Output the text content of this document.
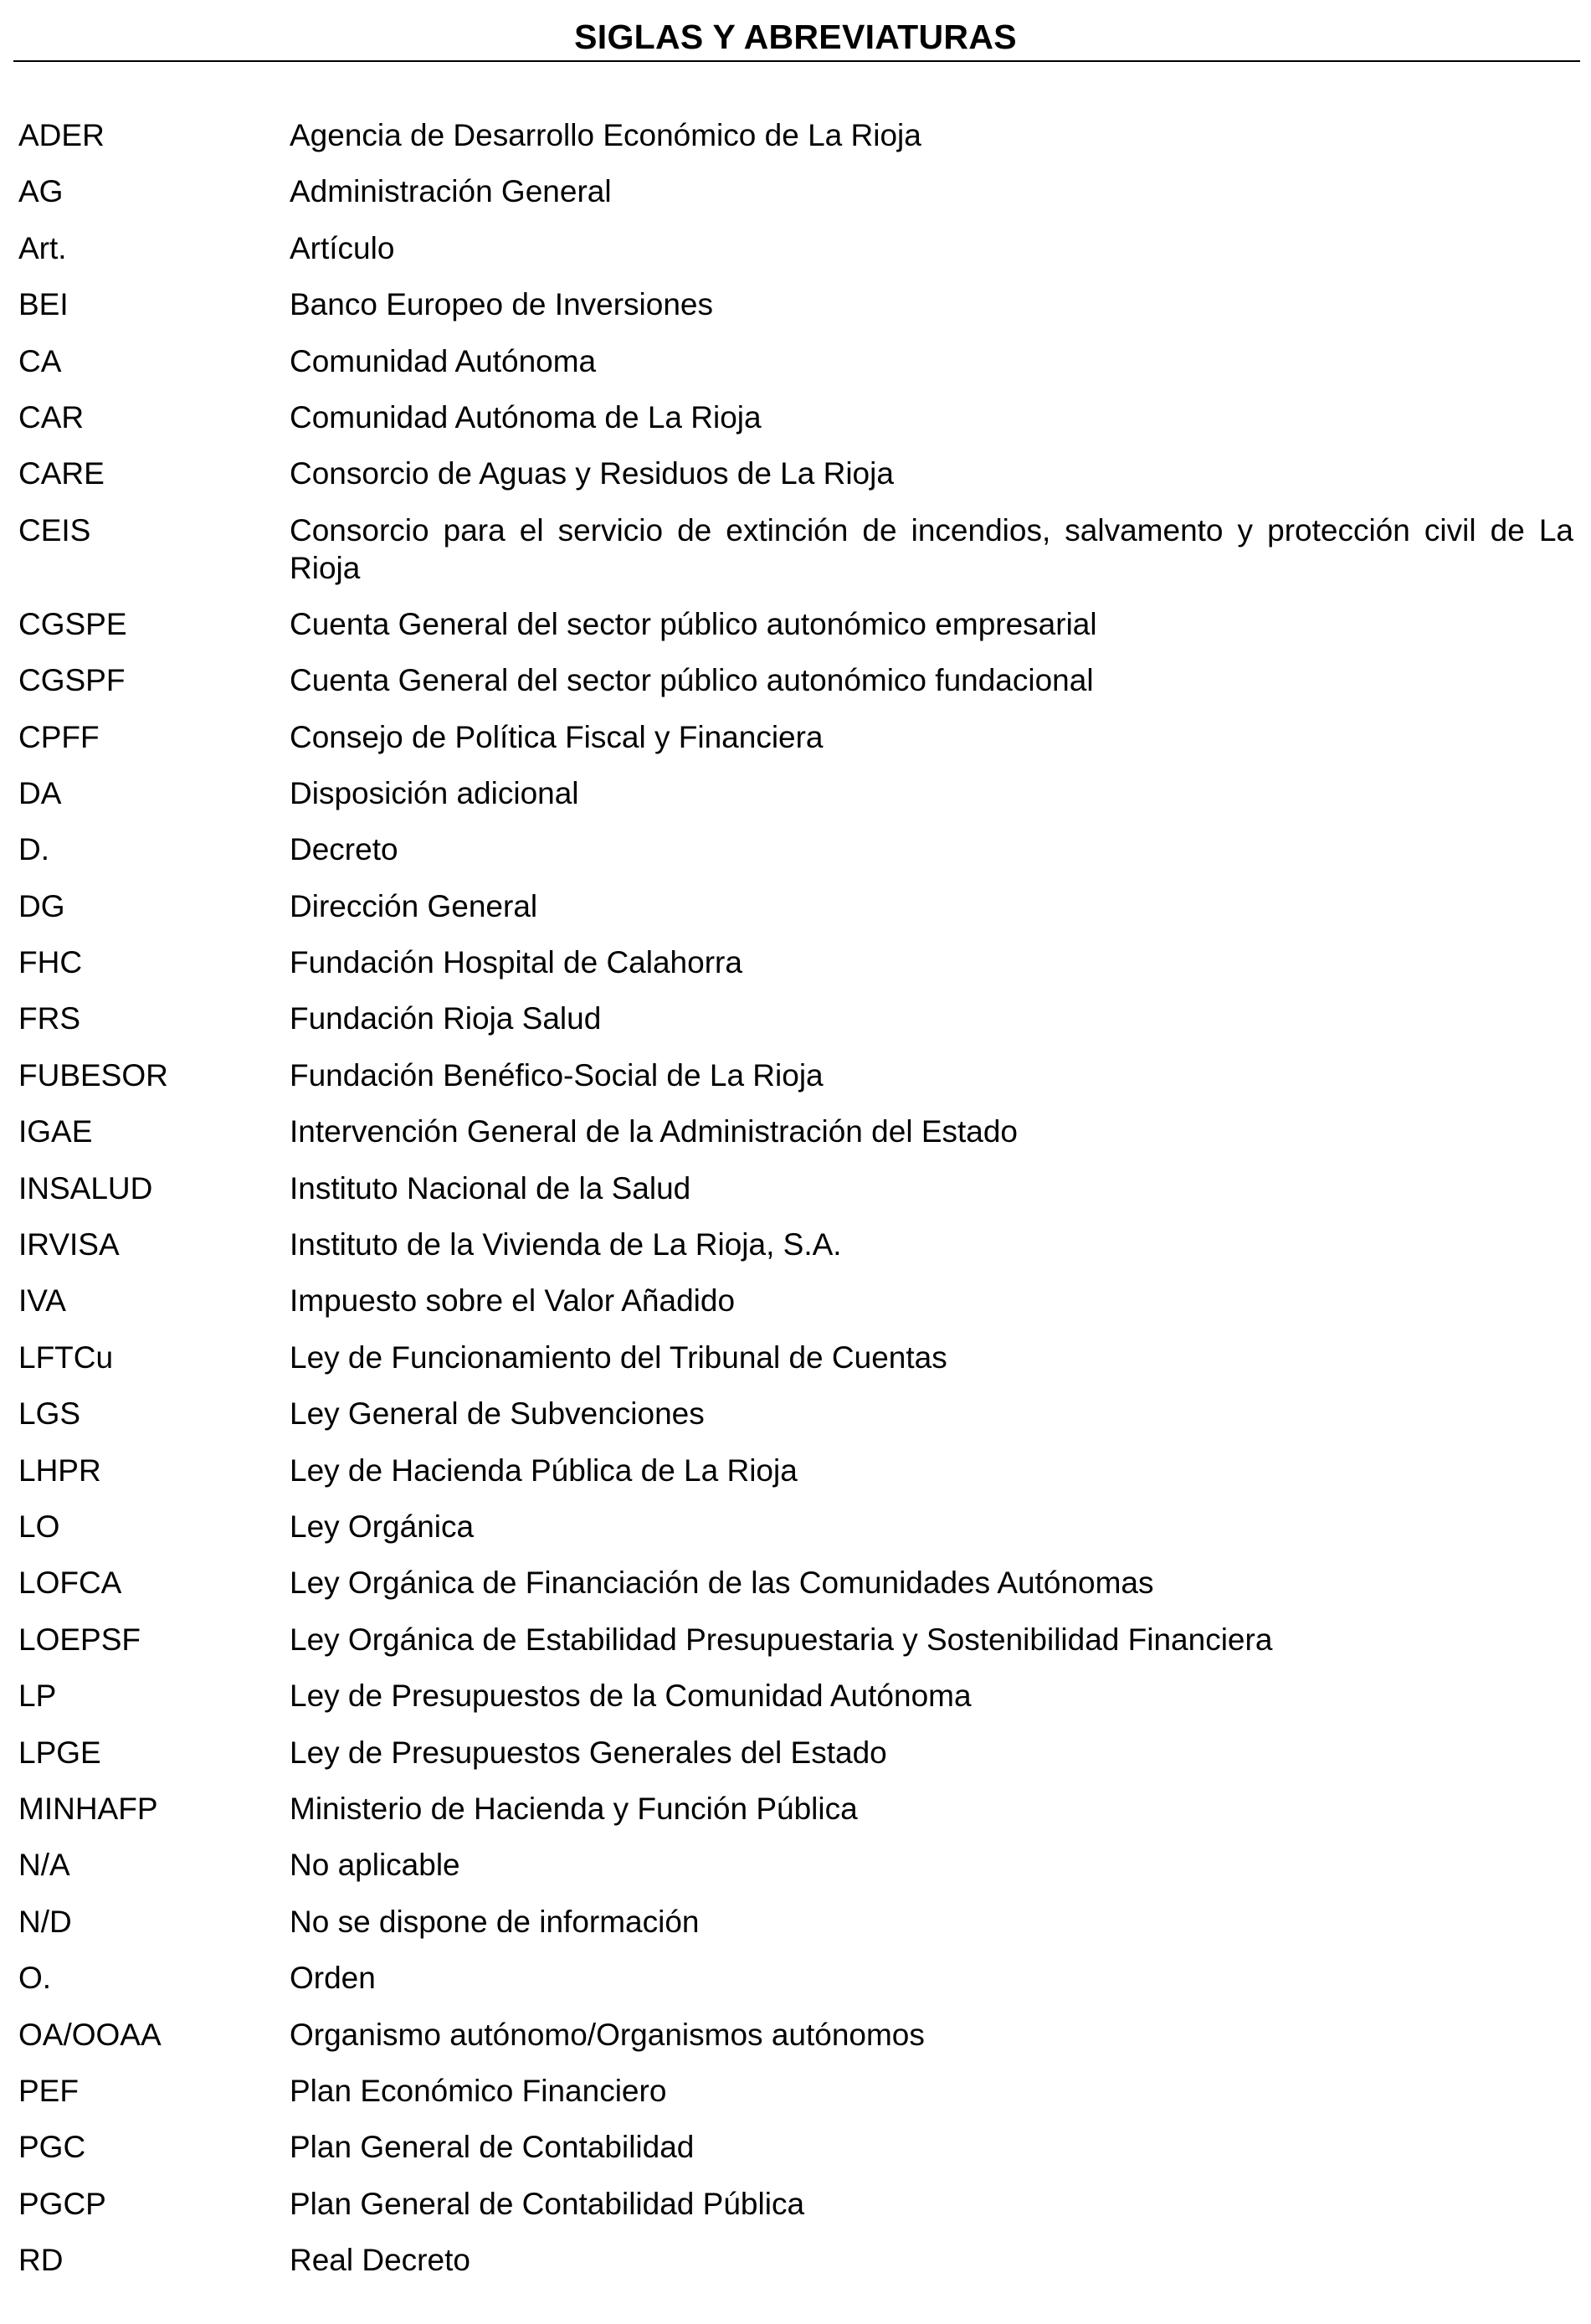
SIGLAS Y ABREVIATURAS
ADER	Agencia de Desarrollo Económico de La Rioja
AG	Administración General
Art.	Artículo
BEI	Banco Europeo de Inversiones
CA	Comunidad Autónoma
CAR	Comunidad Autónoma de La Rioja
CARE	Consorcio de Aguas y Residuos de La Rioja
CEIS	Consorcio para el servicio de extinción de incendios, salvamento y protección civil de La Rioja
CGSPE	Cuenta General del sector público autonómico empresarial
CGSPF	Cuenta General del sector público autonómico fundacional
CPFF	Consejo de Política Fiscal y Financiera
DA	Disposición adicional
D.	Decreto
DG	Dirección General
FHC	Fundación Hospital de Calahorra
FRS	Fundación Rioja Salud
FUBESOR	Fundación Benéfico-Social de La Rioja
IGAE	Intervención General de la Administración del Estado
INSALUD	Instituto Nacional de la Salud
IRVISA	Instituto de la Vivienda de La Rioja, S.A.
IVA	Impuesto sobre el Valor Añadido
LFTCu	Ley de Funcionamiento del Tribunal de Cuentas
LGS	Ley General de Subvenciones
LHPR	Ley de Hacienda Pública de La Rioja
LO	Ley Orgánica
LOFCA	Ley Orgánica de Financiación de las Comunidades Autónomas
LOEPSF	Ley Orgánica de Estabilidad Presupuestaria y Sostenibilidad Financiera
LP	Ley de Presupuestos de la Comunidad Autónoma
LPGE	Ley de Presupuestos Generales del Estado
MINHAFP	Ministerio de Hacienda y Función Pública
N/A	No aplicable
N/D	No se dispone de información
O.	Orden
OA/OOAA	Organismo autónomo/Organismos autónomos
PEF	Plan Económico Financiero
PGC	Plan General de Contabilidad
PGCP	Plan General de Contabilidad Pública
RD	Real Decreto
